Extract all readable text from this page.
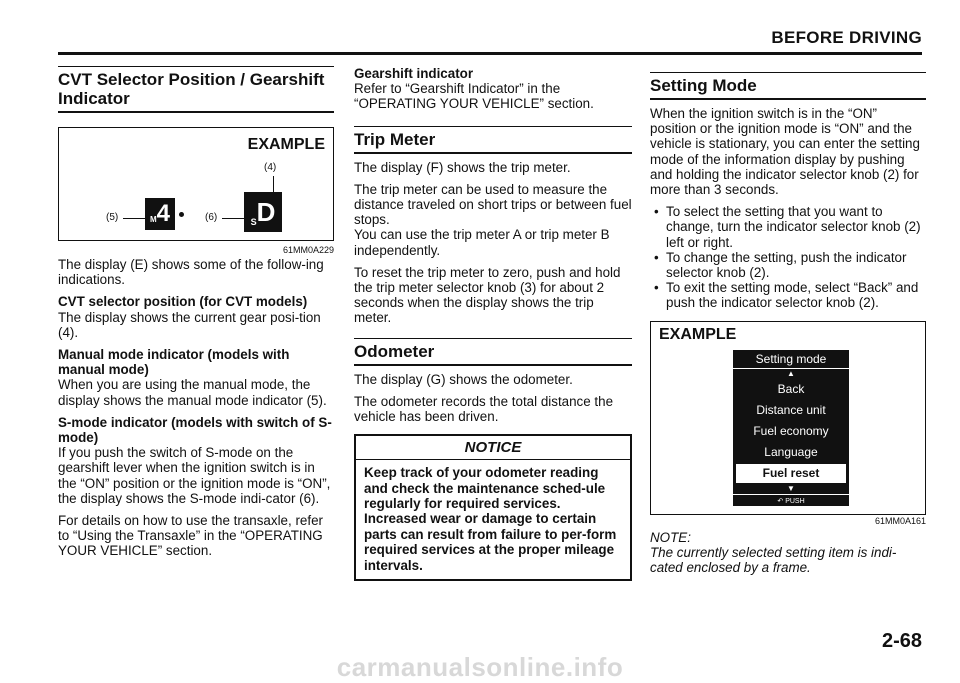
BEFORE DRIVING
CVT Selector Position / Gearshift Indicator
EXAMPLE
(4)
(5)	M4	(6)	SD
61MM0A229

The display (E) shows some of the follow-ing indications.

CVT selector position (for CVT models)
The display shows the current gear posi-tion (4).

Manual mode indicator (models with manual mode)
When you are using the manual mode, the display shows the manual mode indicator (5).

S-mode indicator (models with switch of S-mode)
If you push the switch of S-mode on the gearshift lever when the ignition switch is in the “ON” position or the ignition mode is “ON”, the display shows the S-mode indi-cator (6).

For details on how to use the transaxle, refer to “Using the Transaxle” in the “OPERATING YOUR VEHICLE” section.

Gearshift indicator
Refer to “Gearshift Indicator” in the “OPERATING YOUR VEHICLE” section.

Trip Meter

The display (F) shows the trip meter.

The trip meter can be used to measure the distance traveled on short trips or between fuel stops.

You can use the trip meter A or trip meter B independently.

To reset the trip meter to zero, push and hold the trip meter selector knob (3) for about 2 seconds when the display shows the trip meter.

Odometer

The display (G) shows the odometer.

The odometer records the total distance the vehicle has been driven.

NOTICE
Keep track of your odometer reading and check the maintenance sched-ule regularly for required services. Increased wear or damage to certain parts can result from failure to per-form required services at the proper mileage intervals.
Setting Mode

When the ignition switch is in the “ON” position or the ignition mode is “ON” and the vehicle is stationary, you can enter the setting mode of the information display by pushing and holding the indicator selector knob (2) for more than 3 seconds.

• To select the setting that you want to change, turn the indicator selector knob (2) left or right.
• To change the setting, push the indicator selector knob (2).
• To exit the setting mode, select “Back” and push the indicator selector knob (2).
EXAMPLE
Setting mode
▲
Back
Distance unit
Fuel economy
Language
Fuel reset
▼
↶ PUSH
61MM0A161

NOTE:
The currently selected setting item is indi-cated enclosed by a frame.

2-68
carmanualsonline.info
